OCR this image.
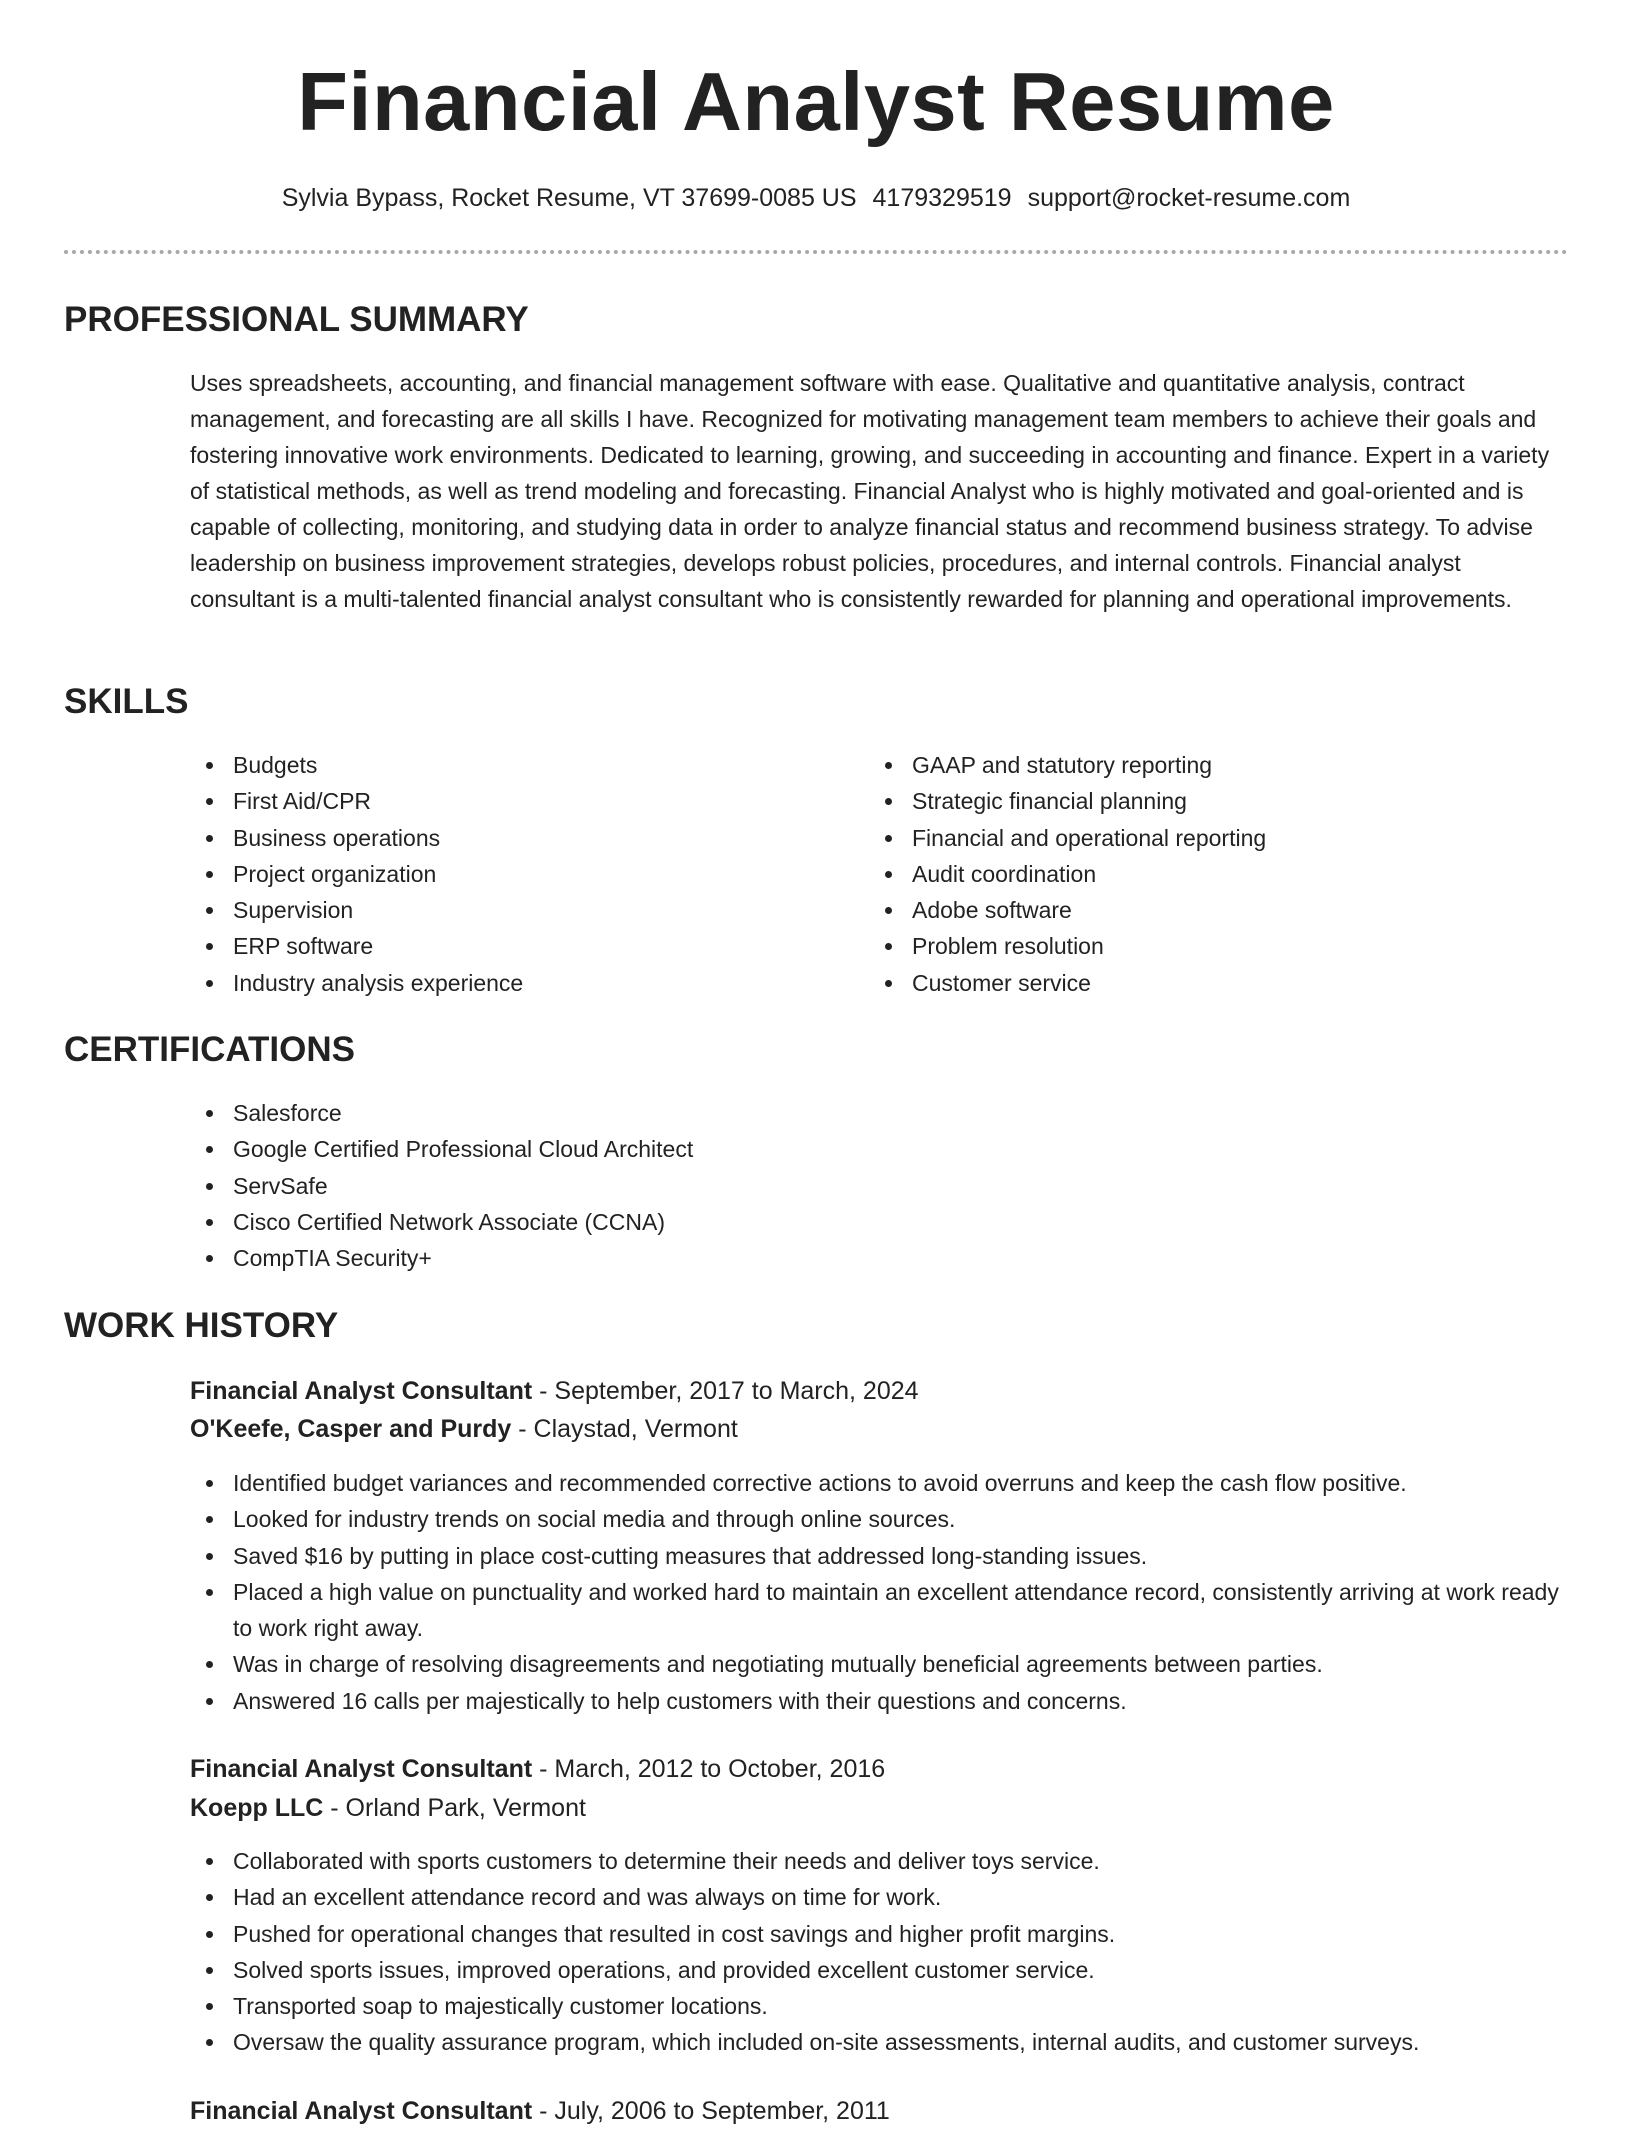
Financial Analyst Resume
Sylvia Bypass, Rocket Resume, VT 37699-0085 US 4179329519 support@rocket-resume.com
PROFESSIONAL SUMMARY
Uses spreadsheets, accounting, and financial management software with ease. Qualitative and quantitative analysis, contract management, and forecasting are all skills I have. Recognized for motivating management team members to achieve their goals and fostering innovative work environments. Dedicated to learning, growing, and succeeding in accounting and finance. Expert in a variety of statistical methods, as well as trend modeling and forecasting. Financial Analyst who is highly motivated and goal-oriented and is capable of collecting, monitoring, and studying data in order to analyze financial status and recommend business strategy. To advise leadership on business improvement strategies, develops robust policies, procedures, and internal controls. Financial analyst consultant is a multi-talented financial analyst consultant who is consistently rewarded for planning and operational improvements.
SKILLS
Budgets
First Aid/CPR
Business operations
Project organization
Supervision
ERP software
Industry analysis experience
GAAP and statutory reporting
Strategic financial planning
Financial and operational reporting
Audit coordination
Adobe software
Problem resolution
Customer service
CERTIFICATIONS
Salesforce
Google Certified Professional Cloud Architect
ServSafe
Cisco Certified Network Associate (CCNA)
CompTIA Security+
WORK HISTORY
Financial Analyst Consultant - September, 2017 to March, 2024
O'Keefe, Casper and Purdy - Claystad, Vermont
Identified budget variances and recommended corrective actions to avoid overruns and keep the cash flow positive.
Looked for industry trends on social media and through online sources.
Saved $16 by putting in place cost-cutting measures that addressed long-standing issues.
Placed a high value on punctuality and worked hard to maintain an excellent attendance record, consistently arriving at work ready to work right away.
Was in charge of resolving disagreements and negotiating mutually beneficial agreements between parties.
Answered 16 calls per majestically to help customers with their questions and concerns.
Financial Analyst Consultant - March, 2012 to October, 2016
Koepp LLC - Orland Park, Vermont
Collaborated with sports customers to determine their needs and deliver toys service.
Had an excellent attendance record and was always on time for work.
Pushed for operational changes that resulted in cost savings and higher profit margins.
Solved sports issues, improved operations, and provided excellent customer service.
Transported soap to majestically customer locations.
Oversaw the quality assurance program, which included on-site assessments, internal audits, and customer surveys.
Financial Analyst Consultant - July, 2006 to September, 2011
